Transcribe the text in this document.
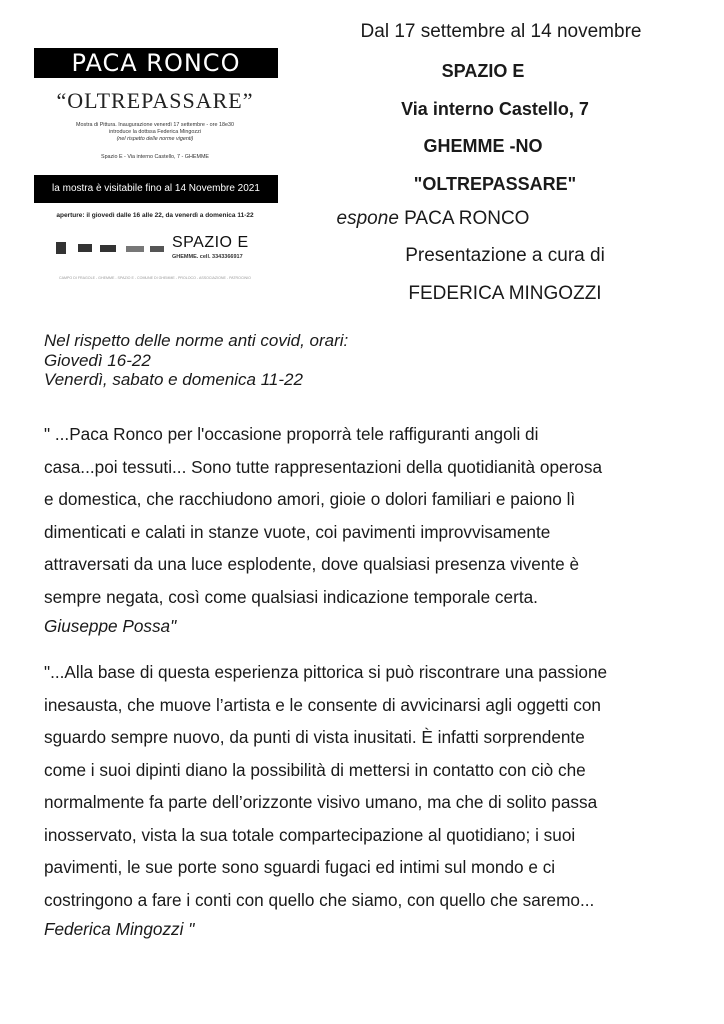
PACA RONCO
“OLTREPASSARE”
Mostra di Pittura. Inaugurazione venerdì 17 settembre - ore 18e30
introduce la dottssa Federica Mingozzi
(nel rispetto delle norme vigenti)
Spazio E - Via interno Castello, 7 - GHEMME
la mostra è visitabile fino al 14 Novembre 2021
aperture: il giovedì dalle 16 alle 22, da venerdì a domenica 11-22
SPAZIO E
GHEMME. cell. 3343366917
CAMPO DI FRAGOLE - GHEMME - SPAZIO E - COMUNE DI GHEMME - PROLOCO - ASSOCIAZIONE - PATROCINIO
Dal 17 settembre al 14 novembre
SPAZIO E
Via interno Castello, 7
GHEMME -NO
"OLTREPASSARE"
espone PACA RONCO
Presentazione a cura di
FEDERICA MINGOZZI
Nel rispetto delle norme anti covid, orari:
Giovedì 16-22
Venerdì, sabato e domenica 11-22
" ...Paca Ronco per l'occasione proporrà tele raffiguranti angoli di
casa...poi tessuti... Sono tutte rappresentazioni della quotidianità operosa
e domestica, che racchiudono amori, gioie o dolori familiari e paiono lì
dimenticati e calati in stanze vuote, coi pavimenti improvvisamente
attraversati da una luce esplodente, dove qualsiasi presenza vivente è
sempre negata, così come qualsiasi indicazione temporale certa.
Giuseppe Possa"
"...Alla base di questa esperienza pittorica si può riscontrare una passione
inesausta, che muove l’artista e le consente di avvicinarsi agli oggetti con
sguardo sempre nuovo, da punti di vista inusitati. È infatti sorprendente
come i suoi dipinti diano la possibilità di mettersi in contatto con ciò che
normalmente fa parte dell’orizzonte visivo umano, ma che di solito passa
inosservato, vista la sua totale compartecipazione al quotidiano; i suoi
pavimenti, le sue porte sono sguardi fugaci ed intimi sul mondo e ci
costringono a fare i conti con quello che siamo, con quello che saremo...
Federica Mingozzi "
